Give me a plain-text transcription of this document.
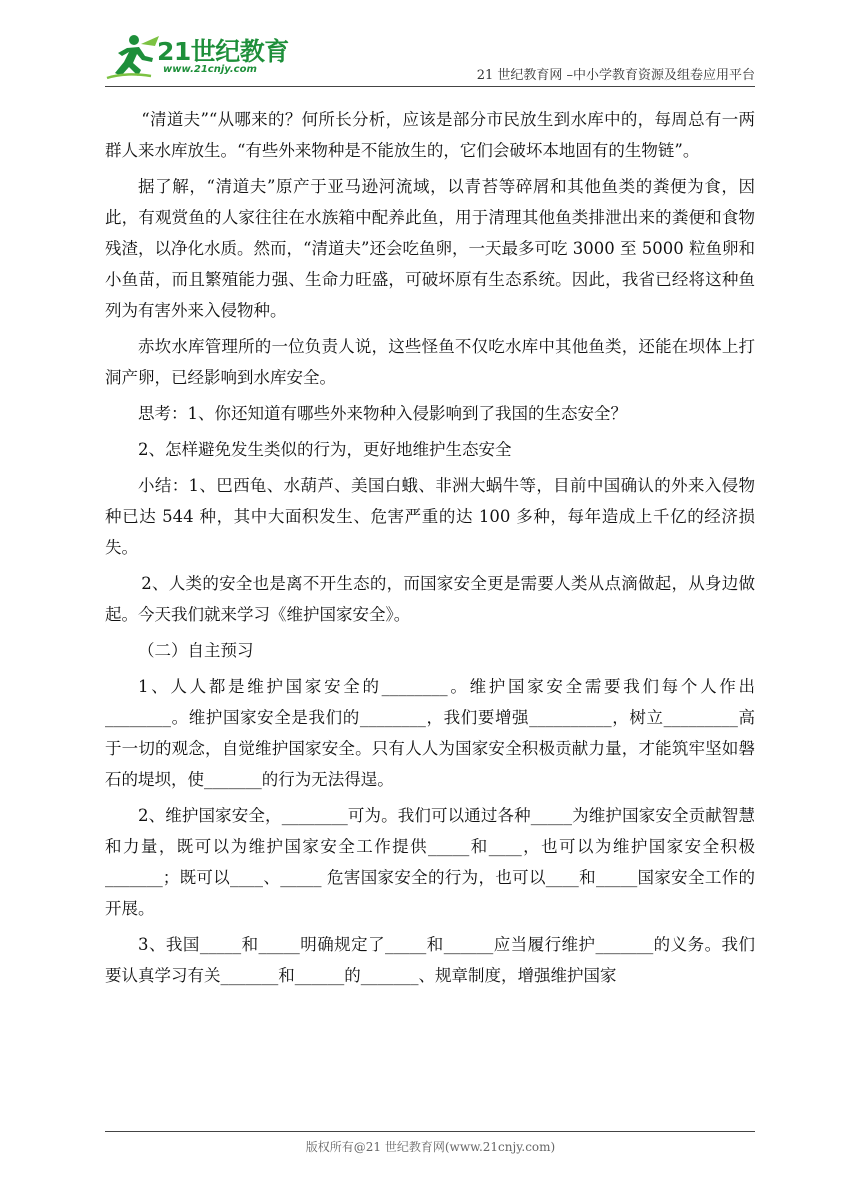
21世纪教育
www.21cnjy.com	21 世纪教育网 –中小学教育资源及组卷应用平台

“清道夫”“从哪来的？何所长分析，应该是部分市民放生到水库中的，每周总有一两群人来水库放生。“有些外来物种是不能放生的，它们会破坏本地固有的生物链”。

据了解，“清道夫”原产于亚马逊河流域，以青苔等碎屑和其他鱼类的粪便为食，因此，有观赏鱼的人家往往在水族箱中配养此鱼，用于清理其他鱼类排泄出来的粪便和食物残渣，以净化水质。然而，“清道夫”还会吃鱼卵，一天最多可吃 3000 至 5000 粒鱼卵和小鱼苗，而且繁殖能力强、生命力旺盛，可破坏原有生态系统。因此，我省已经将这种鱼列为有害外来入侵物种。

赤坎水库管理所的一位负责人说，这些怪鱼不仅吃水库中其他鱼类，还能在坝体上打洞产卵，已经影响到水库安全。

思考：1、你还知道有哪些外来物种入侵影响到了我国的生态安全？

2、怎样避免发生类似的行为，更好地维护生态安全

小结：1、巴西龟、水葫芦、美国白蛾、非洲大蜗牛等，目前中国确认的外来入侵物种已达 544 种，其中大面积发生、危害严重的达 100 多种，每年造成上千亿的经济损失。

2、人类的安全也是离不开生态的，而国家安全更是需要人类从点滴做起，从身边做起。今天我们就来学习《维护国家安全》。

（二）自主预习

1、人人都是维护国家安全的________。维护国家安全需要我们每个人作出________。维护国家安全是我们的________，我们要增强__________，树立_________高于一切的观念，自觉维护国家安全。只有人人为国家安全积极贡献力量，才能筑牢坚如磐石的堤坝，使_______的行为无法得逞。

2、维护国家安全，________可为。我们可以通过各种_____为维护国家安全贡献智慧和力量，既可以为维护国家安全工作提供_____和____，也可以为维护国家安全积极_______；既可以____、_____ 危害国家安全的行为，也可以____和_____国家安全工作的开展。

3、我国_____和_____明确规定了_____和______应当履行维护_______的义务。我们要认真学习有关_______和______的_______、规章制度，增强维护国家

版权所有@21 世纪教育网(www.21cnjy.com)
